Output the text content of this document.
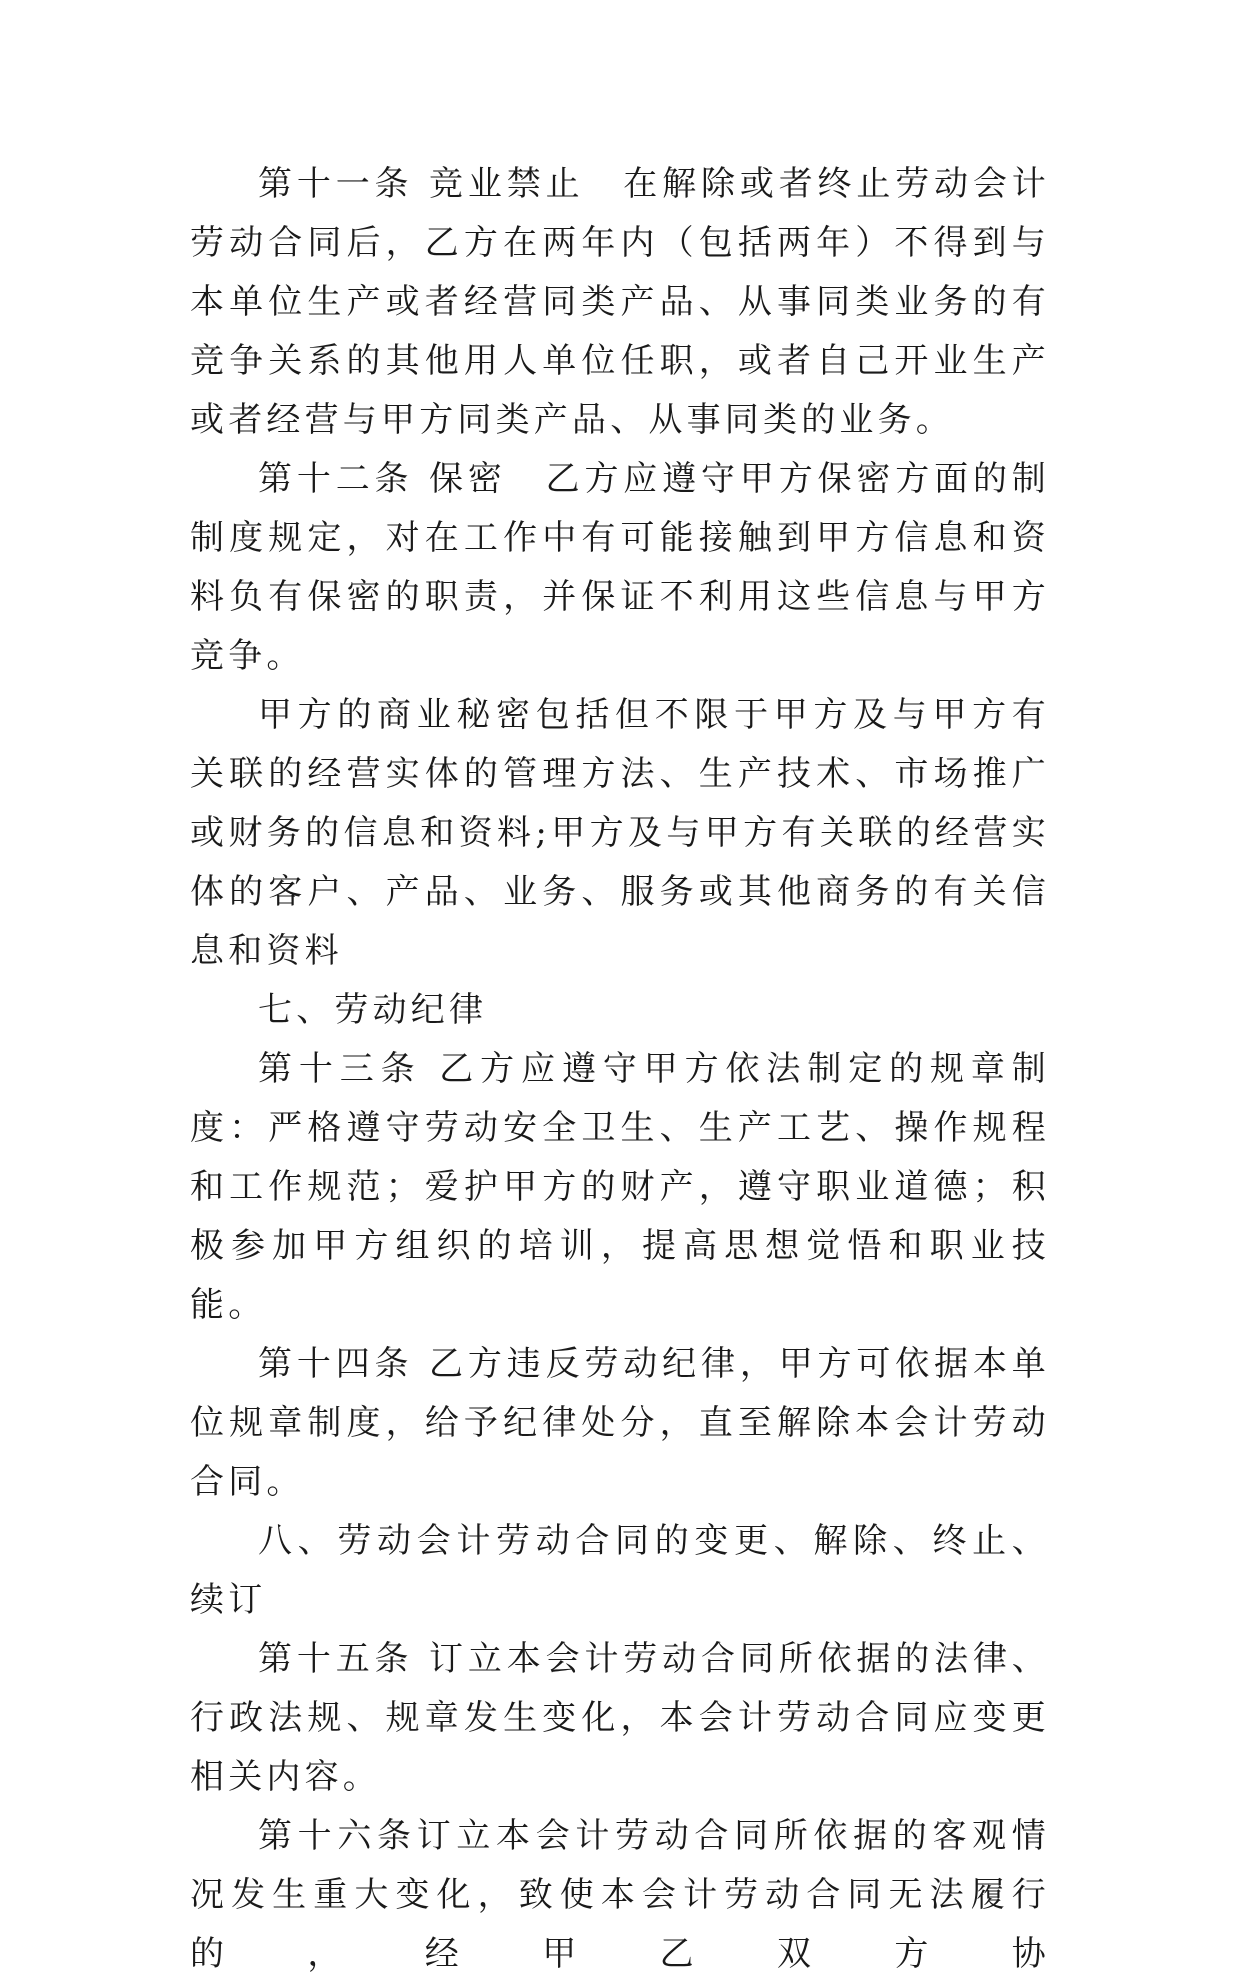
第十一条 竞业禁止　在解除或者终止劳动会计劳动合同后，乙方在两年内（包括两年）不得到与本单位生产或者经营同类产品、从事同类业务的有竞争关系的其他用人单位任职，或者自己开业生产或者经营与甲方同类产品、从事同类的业务。

第十二条 保密　乙方应遵守甲方保密方面的制制度规定，对在工作中有可能接触到甲方信息和资料负有保密的职责，并保证不利用这些信息与甲方竞争。

甲方的商业秘密包括但不限于甲方及与甲方有关联的经营实体的管理方法、生产技术、市场推广或财务的信息和资料;甲方及与甲方有关联的经营实体的客户、产品、业务、服务或其他商务的有关信息和资料

七、劳动纪律

第十三条 乙方应遵守甲方依法制定的规章制度：严格遵守劳动安全卫生、生产工艺、操作规程和工作规范；爱护甲方的财产，遵守职业道德；积极参加甲方组织的培训，提高思想觉悟和职业技能。

第十四条 乙方违反劳动纪律，甲方可依据本单位规章制度，给予纪律处分，直至解除本会计劳动合同。

八、劳动会计劳动合同的变更、解除、终止、续订

第十五条 订立本会计劳动合同所依据的法律、行政法规、规章发生变化，本会计劳动合同应变更相关内容。

第十六条订立本会计劳动合同所依据的客观情况发生重大变化，致使本会计劳动合同无法履行的，经甲乙双方协
